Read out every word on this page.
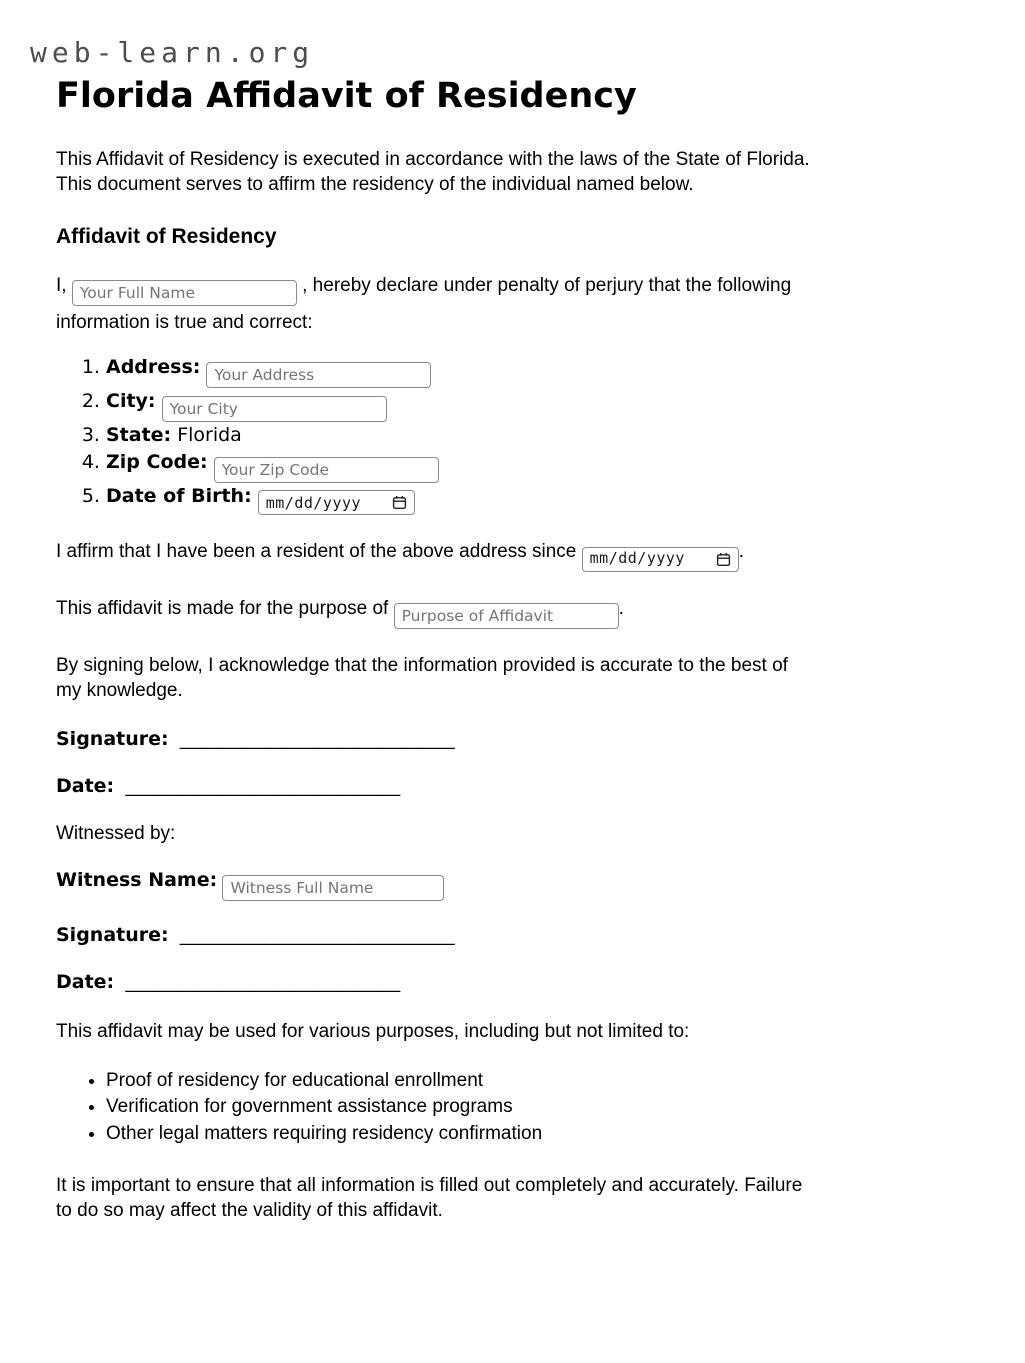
web-learn.org
Florida Affidavit of Residency

This Affidavit of Residency is executed in accordance with the laws of the State of Florida.
This document serves to affirm the residency of the individual named below.

Affidavit of Residency

I, Your Full Name	, hereby declare under penalty of perjury that the following
information is true and correct:

1. Address: Your Address
2. City: Your City
3. State: Florida
4. Zip Code: Your Zip Code
5. Date of Birth: mm/dd/yyyy

I affirm that I have been a resident of the above address since mm/dd/yyyy	.

This affidavit is made for the purpose of Purpose of Affidavit	.

By signing below, I acknowledge that the information provided is accurate to the best of
my knowledge.

Signature: __________________________

Date: __________________________

Witnessed by:

Witness Name: Witness Full Name

Signature: __________________________

Date: __________________________

This affidavit may be used for various purposes, including but not limited to:

• Proof of residency for educational enrollment
• Verification for government assistance programs
• Other legal matters requiring residency confirmation

It is important to ensure that all information is filled out completely and accurately. Failure
to do so may affect the validity of this affidavit.
